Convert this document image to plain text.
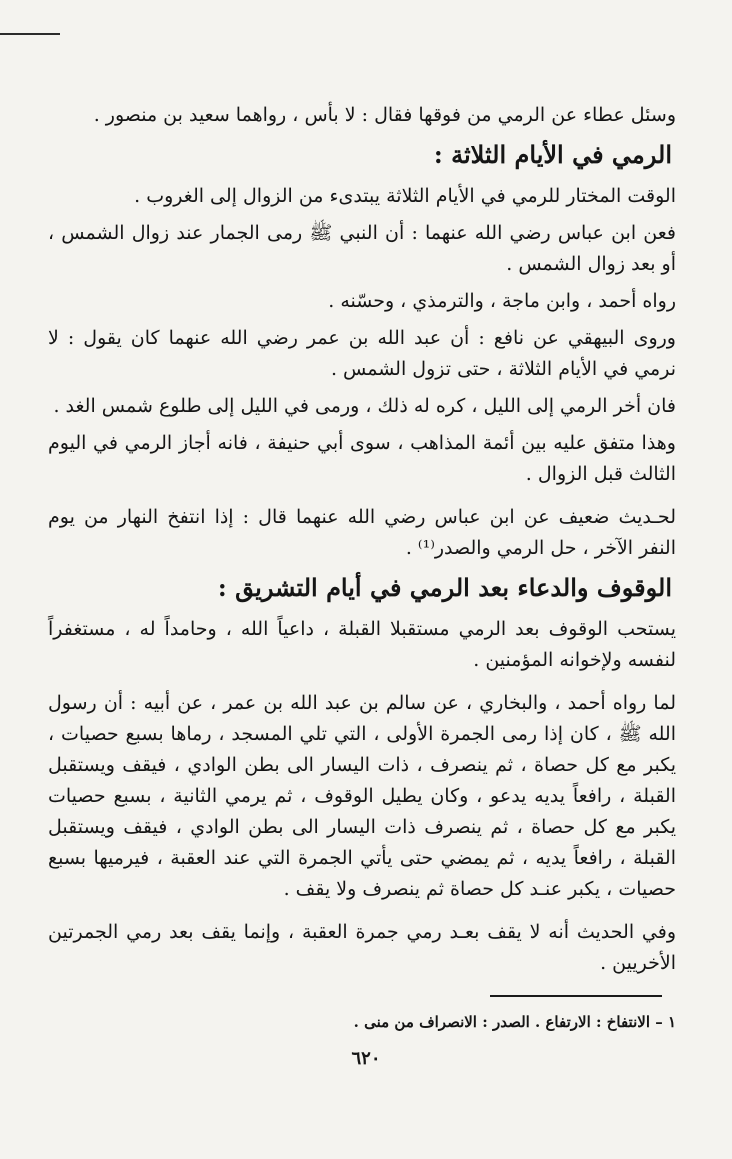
وسئل عطاء عن الرمي من فوقها فقال : لا بأس ، رواهما سعيد بن منصور .

الرمي في الأيام الثلاثة :

الوقت المختار للرمي في الأيام الثلاثة يبتدىء من الزوال إلى الغروب .

فعن ابن عباس رضي الله عنهما : أن النبي ﷺ رمى الجمار عند زوال الشمس ، أو بعد زوال الشمس .

رواه أحمد ، وابن ماجة ، والترمذي ، وحسّنه .

وروى البيهقي عن نافع : أن عبد الله بن عمر رضي الله عنهما كان يقول : لا نرمي في الأيام الثلاثة ، حتى تزول الشمس .

فان أخر الرمي إلى الليل ، كره له ذلك ، ورمى في الليل إلى طلوع شمس الغد .

وهذا متفق عليه بين أئمة المذاهب ، سوى أبي حنيفة ، فانه أجاز الرمي في اليوم الثالث قبل الزوال .

لحـديث ضعيف عن ابن عباس رضي الله عنهما قال : إذا انتفخ النهار من يوم النفر الآخر ، حل الرمي والصدر⁽¹⁾ .

الوقوف والدعاء بعد الرمي في أيام التشريق :

يستحب الوقوف بعد الرمي مستقبلا القبلة ، داعياً الله ، وحامداً له ، مستغفراً لنفسه ولإخوانه المؤمنين .

لما رواه أحمد ، والبخاري ، عن سالم بن عبد الله بن عمر ، عن أبيه : أن رسول الله ﷺ ، كان إذا رمى الجمرة الأولى ، التي تلي المسجد ، رماها بسبع حصيات ، يكبر مع كل حصاة ، ثم ينصرف ، ذات اليسار الى بطن الوادي ، فيقف ويستقبل القبلة ، رافعاً يديه يدعو ، وكان يطيل الوقوف ، ثم يرمي الثانية ، بسبع حصيات يكبر مع كل حصاة ، ثم ينصرف ذات اليسار الى بطن الوادي ، فيقف ويستقبل القبلة ، رافعاً يديه ، ثم يمضي حتى يأتي الجمرة التي عند العقبة ، فيرميها بسبع حصيات ، يكبر عنـد كل حصاة ثم ينصرف ولا يقف .

وفي الحديث أنه لا يقف بعـد رمي جمرة العقبة ، وإنما يقف بعد رمي الجمرتين الأخريين .

١ – الانتفاخ : الارتفاع . الصدر : الانصراف من منى .
٦٢٠
